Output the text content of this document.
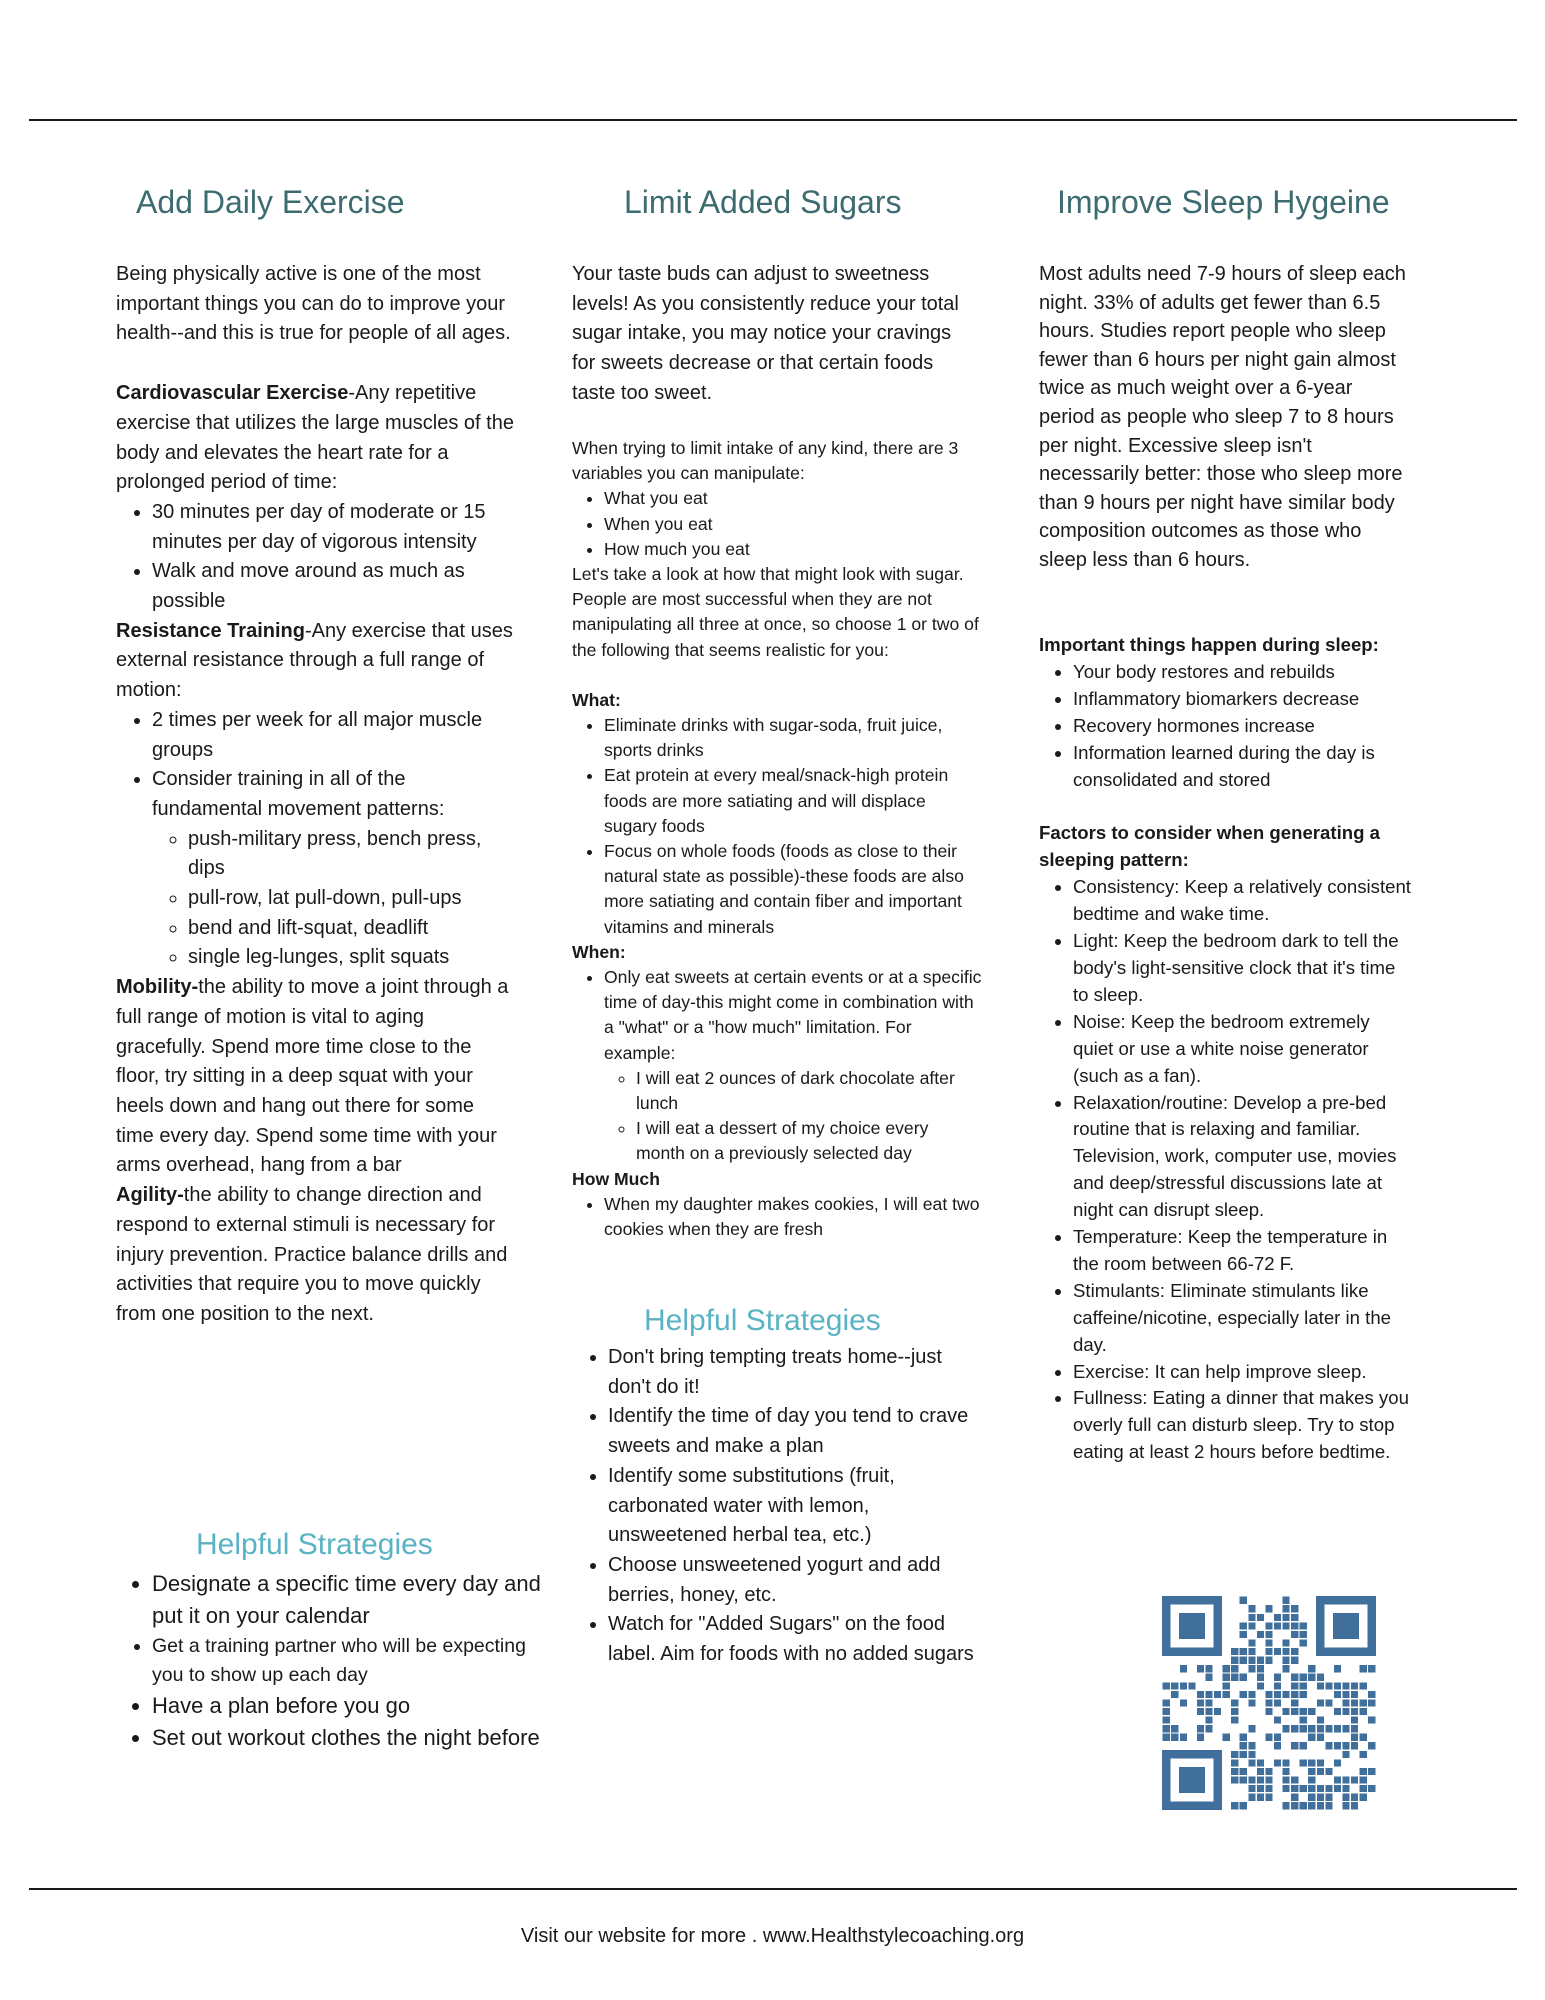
Add Daily Exercise

Being physically active is one of the most important things you can do to improve your health--and this is true for people of all ages.

Cardiovascular Exercise-Any repetitive exercise that utilizes the large muscles of the body and elevates the heart rate for a prolonged period of time:

• 30 minutes per day of moderate or 15 minutes per day of vigorous intensity
• Walk and move around as much as possible

Resistance Training-Any exercise that uses external resistance through a full range of motion:

• 2 times per week for all major muscle groups
• Consider training in all of the fundamental movement patterns:
◦ push-military press, bench press, dips
◦ pull-row, lat pull-down, pull-ups
◦ bend and lift-squat, deadlift
◦ single leg-lunges, split squats

Mobility-the ability to move a joint through a full range of motion is vital to aging gracefully. Spend more time close to the floor, try sitting in a deep squat with your heels down and hang out there for some time every day. Spend some time with your arms overhead, hang from a bar

Agility-the ability to change direction and respond to external stimuli is necessary for injury prevention. Practice balance drills and activities that require you to move quickly from one position to the next.

Helpful Strategies
• Designate a specific time every day and put it on your calendar
• Get a training partner who will be expecting you to show up each day
• Have a plan before you go
• Set out workout clothes the night before
Limit Added Sugars

Your taste buds can adjust to sweetness levels! As you consistently reduce your total sugar intake, you may notice your cravings for sweets decrease or that certain foods taste too sweet.

When trying to limit intake of any kind, there are 3 variables you can manipulate:

• What you eat
• When you eat
• How much you eat

Let's take a look at how that might look with sugar. People are most successful when they are not manipulating all three at once, so choose 1 or two of the following that seems realistic for you:

What:

• Eliminate drinks with sugar-soda, fruit juice, sports drinks
• Eat protein at every meal/snack-high protein foods are more satiating and will displace sugary foods
• Focus on whole foods (foods as close to their natural state as possible)-these foods are also more satiating and contain fiber and important vitamins and minerals

When:

• Only eat sweets at certain events or at a specific time of day-this might come in combination with a "what" or a "how much" limitation. For example:
◦ I will eat 2 ounces of dark chocolate after lunch
◦ I will eat a dessert of my choice every month on a previously selected day

How Much

• When my daughter makes cookies, I will eat two cookies when they are fresh
Helpful Strategies
• Don't bring tempting treats home--just don't do it!
• Identify the time of day you tend to crave sweets and make a plan
• Identify some substitutions (fruit, carbonated water with lemon, unsweetened herbal tea, etc.)
• Choose unsweetened yogurt and add berries, honey, etc.
• Watch for "Added Sugars" on the food label. Aim for foods with no added sugars
Improve Sleep Hygeine

Most adults need 7-9 hours of sleep each night. 33% of adults get fewer than 6.5 hours. Studies report people who sleep fewer than 6 hours per night gain almost twice as much weight over a 6-year period as people who sleep 7 to 8 hours per night. Excessive sleep isn't necessarily better: those who sleep more than 9 hours per night have similar body composition outcomes as those who sleep less than 6 hours.

Important things happen during sleep:

• Your body restores and rebuilds
• Inflammatory biomarkers decrease
• Recovery hormones increase
• Information learned during the day is consolidated and stored

Factors to consider when generating a sleeping pattern:

• Consistency: Keep a relatively consistent bedtime and wake time.
• Light: Keep the bedroom dark to tell the body's light-sensitive clock that it's time to sleep.
• Noise: Keep the bedroom extremely quiet or use a white noise generator (such as a fan).
• Relaxation/routine: Develop a pre-bed routine that is relaxing and familiar. Television, work, computer use, movies and deep/stressful discussions late at night can disrupt sleep.
• Temperature: Keep the temperature in the room between 66-72 F.
• Stimulants: Eliminate stimulants like caffeine/nicotine, especially later in the day.
• Exercise: It can help improve sleep.
• Fullness: Eating a dinner that makes you overly full can disturb sleep. Try to stop eating at least 2 hours before bedtime.
Visit our website for more . www.Healthstylecoaching.org
